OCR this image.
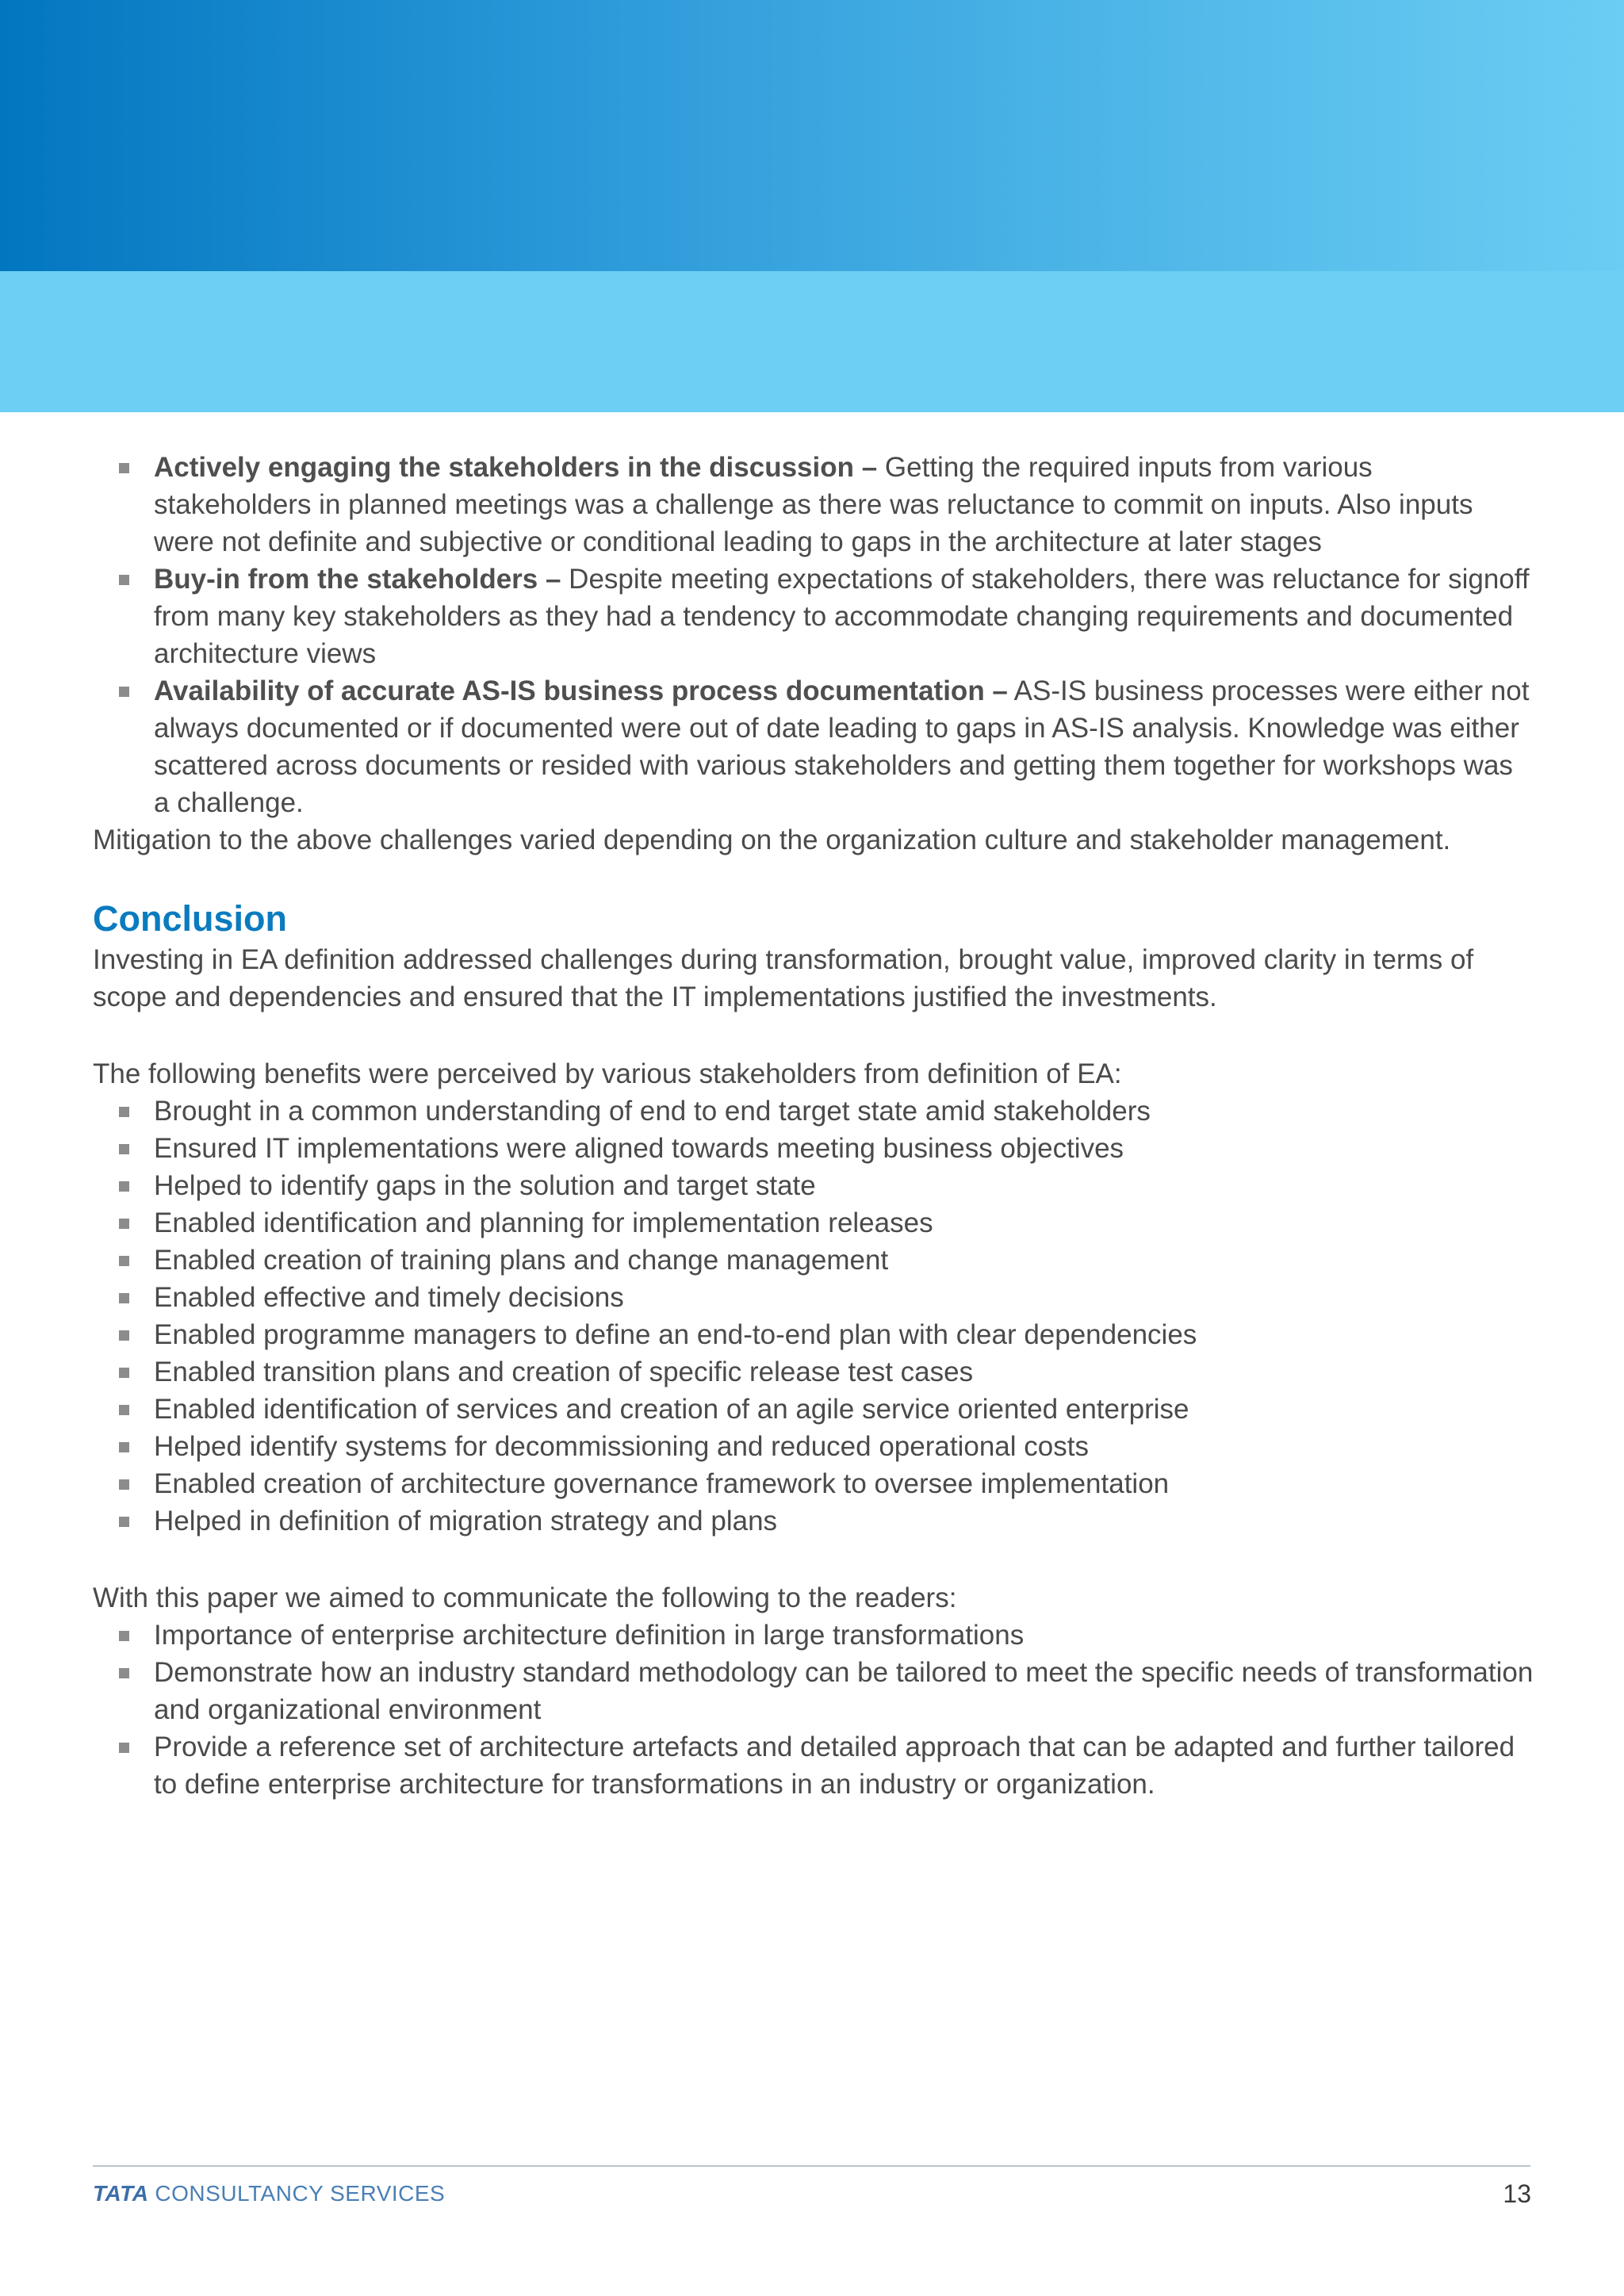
Actively engaging the stakeholders in the discussion – Getting the required inputs from various stakeholders in planned meetings was a challenge as there was reluctance to commit on inputs. Also inputs were not definite and subjective or conditional leading to gaps in the architecture at later stages
Buy-in from the stakeholders – Despite meeting expectations of stakeholders, there was reluctance for signoff from many key stakeholders as they had a tendency to accommodate changing requirements and documented architecture views
Availability of accurate AS-IS business process documentation – AS-IS business processes were either not always documented or if documented were out of date leading to gaps in AS-IS analysis. Knowledge was either scattered across documents or resided with various stakeholders and getting them together for workshops was a challenge.

Mitigation to the above challenges varied depending on the organization culture and stakeholder management.

Conclusion

Investing in EA definition addressed challenges during transformation, brought value, improved clarity in terms of scope and dependencies and ensured that the IT implementations justified the investments.

The following benefits were perceived by various stakeholders from definition of EA:

Brought in a common understanding of end to end target state amid stakeholders
Ensured IT implementations were aligned towards meeting business objectives
Helped to identify gaps in the solution and target state
Enabled identification and planning for implementation releases
Enabled creation of training plans and change management
Enabled effective and timely decisions
Enabled programme managers to define an end-to-end plan with clear dependencies
Enabled transition plans and creation of specific release test cases
Enabled identification of services and creation of an agile service oriented enterprise
Helped identify systems for decommissioning and reduced operational costs
Enabled creation of architecture governance framework to oversee implementation
Helped in definition of migration strategy and plans

With this paper we aimed to communicate the following to the readers:

Importance of enterprise architecture definition in large transformations
Demonstrate how an industry standard methodology can be tailored to meet the specific needs of transformation and organizational environment
Provide a reference set of architecture artefacts and detailed approach that can be adapted and further tailored to define enterprise architecture for transformations in an industry or organization.
TATA CONSULTANCY SERVICES	13
